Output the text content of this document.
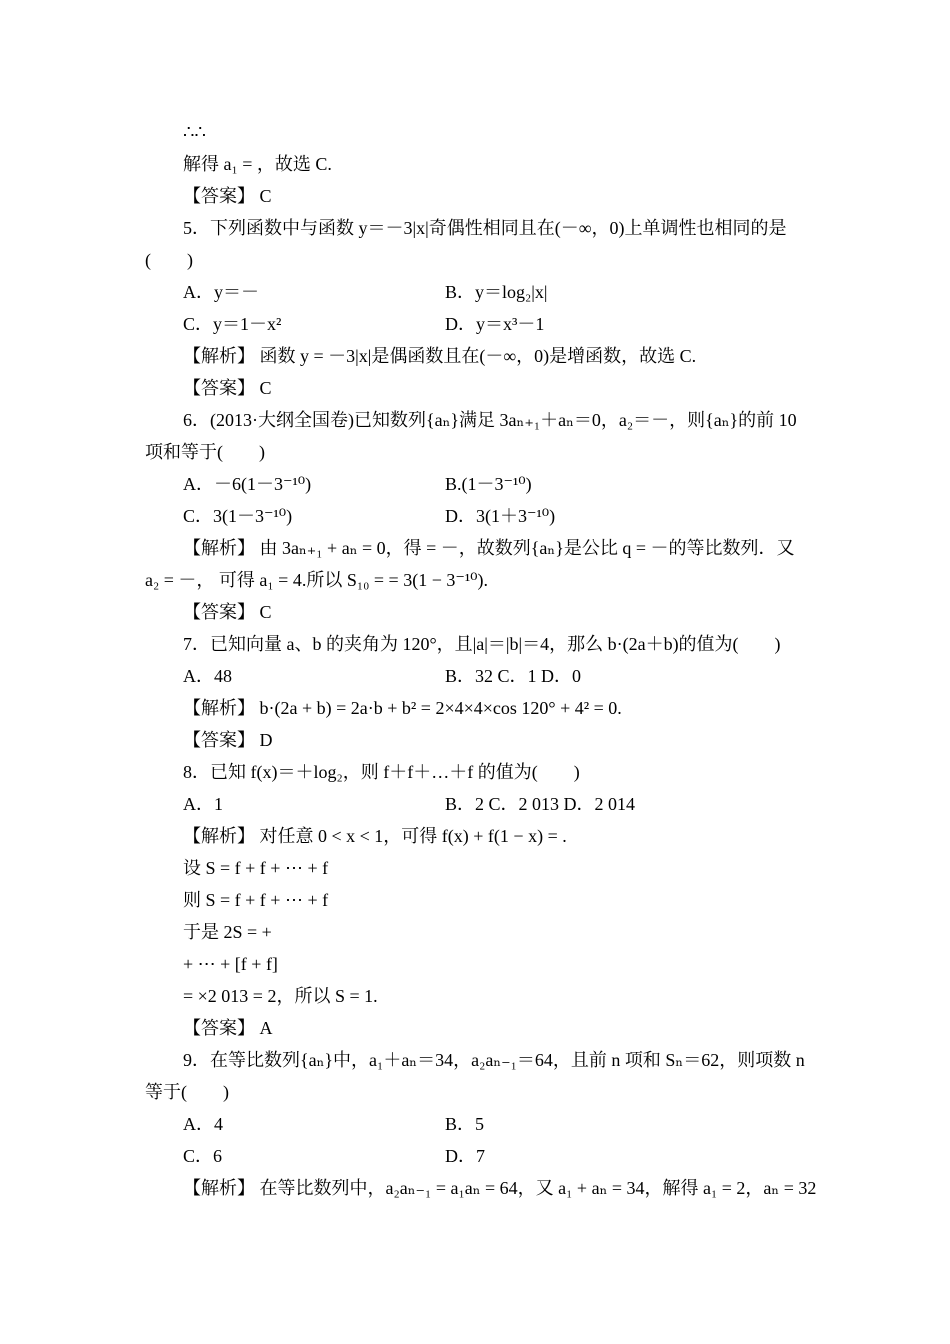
∴∴
解得 a₁ = ，故选 C.
【答案】 C
5．下列函数中与函数 y＝－3|x|奇偶性相同且在(－∞，0)上单调性也相同的是
(　　)
A．y＝－	B．y＝log₂|x|
C．y＝1－x²	D．y＝x³－1
【解析】 函数 y = －3|x|是偶函数且在(－∞，0)是增函数，故选 C.
【答案】 C
6．(2013·大纲全国卷)已知数列{aₙ}满足 3aₙ₊₁＋aₙ＝0，a₂＝－，则{aₙ}的前 10
项和等于(　　)
A．－6(1－3⁻¹⁰)	B.(1－3⁻¹⁰)
C．3(1－3⁻¹⁰)	D．3(1＋3⁻¹⁰)
【解析】 由 3aₙ₊₁ + aₙ = 0，得 = －，故数列{aₙ}是公比 q = －的等比数列．又
a₂ = －， 可得 a₁ = 4.所以 S₁₀ = = 3(1 − 3⁻¹⁰).
【答案】 C
7．已知向量 a、b 的夹角为 120°，且|a|＝|b|＝4，那么 b·(2a＋b)的值为(　　)
A．48	B．32 C．1 D．0
【解析】 b·(2a + b) = 2a·b + b² = 2×4×4×cos 120° + 4² = 0.
【答案】 D
8．已知 f(x)＝＋log₂，则 f＋f＋…＋f 的值为(　　)
A．1	B．2 C．2 013 D．2 014
【解析】 对任意 0 < x < 1，可得 f(x) + f(1 − x) = .
设 S = f + f + ⋯ + f
则 S = f + f + ⋯ + f
于是 2S = +
+ ⋯ + [f + f]
= ×2 013 = 2，所以 S = 1.
【答案】 A
9．在等比数列{aₙ}中，a₁＋aₙ＝34，a₂aₙ₋₁＝64，且前 n 项和 Sₙ＝62，则项数 n
等于(　　)
A．4	B．5
C．6	D．7
【解析】 在等比数列中，a₂aₙ₋₁ = a₁aₙ = 64，又 a₁ + aₙ = 34，解得 a₁ = 2，aₙ = 32
